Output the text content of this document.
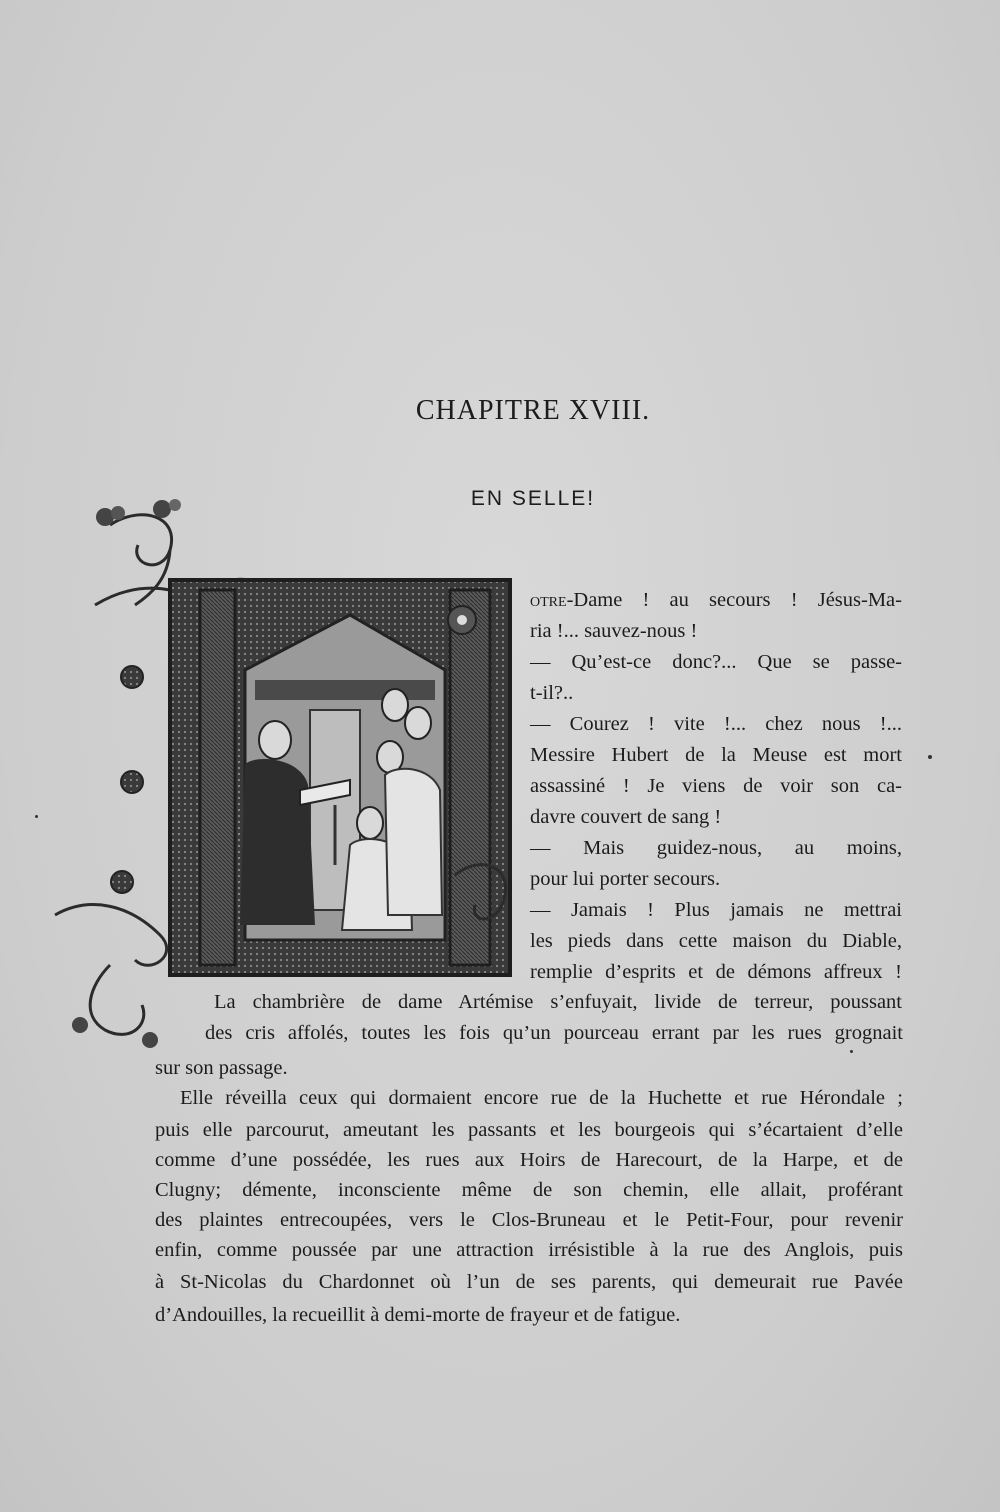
CHAPITRE XVIII.
EN SELLE!
otre-Dame ! au secours ! Jésus-Ma-
ria !... sauvez-nous !
— Qu’est-ce donc?... Que se passe-
t-il?..
— Courez ! vite !... chez nous !...
Messire Hubert de la Meuse est mort
assassiné ! Je viens de voir son ca-
davre couvert de sang !
— Mais guidez-nous, au moins,
pour lui porter secours.
— Jamais ! Plus jamais ne mettrai
les pieds dans cette maison du Diable,
remplie d’esprits et de démons affreux !
La chambrière de dame Artémise s’enfuyait, livide de terreur, poussant
des cris affolés, toutes les fois qu’un pourceau errant par les rues grognait
sur son passage.
Elle réveilla ceux qui dormaient encore rue de la Huchette et rue Hérondale ;
puis elle parcourut, ameutant les passants et les bourgeois qui s’écartaient d’elle
comme d’une possédée, les rues aux Hoirs de Harecourt, de la Harpe, et de
Clugny; démente, inconsciente même de son chemin, elle allait, proférant
des plaintes entrecoupées, vers le Clos-Bruneau et le Petit-Four, pour revenir
enfin, comme poussée par une attraction irrésistible à la rue des Anglois, puis
à St-Nicolas du Chardonnet où l’un de ses parents, qui demeurait rue Pavée
d’Andouilles, la recueillit à demi-morte de frayeur et de fatigue.
